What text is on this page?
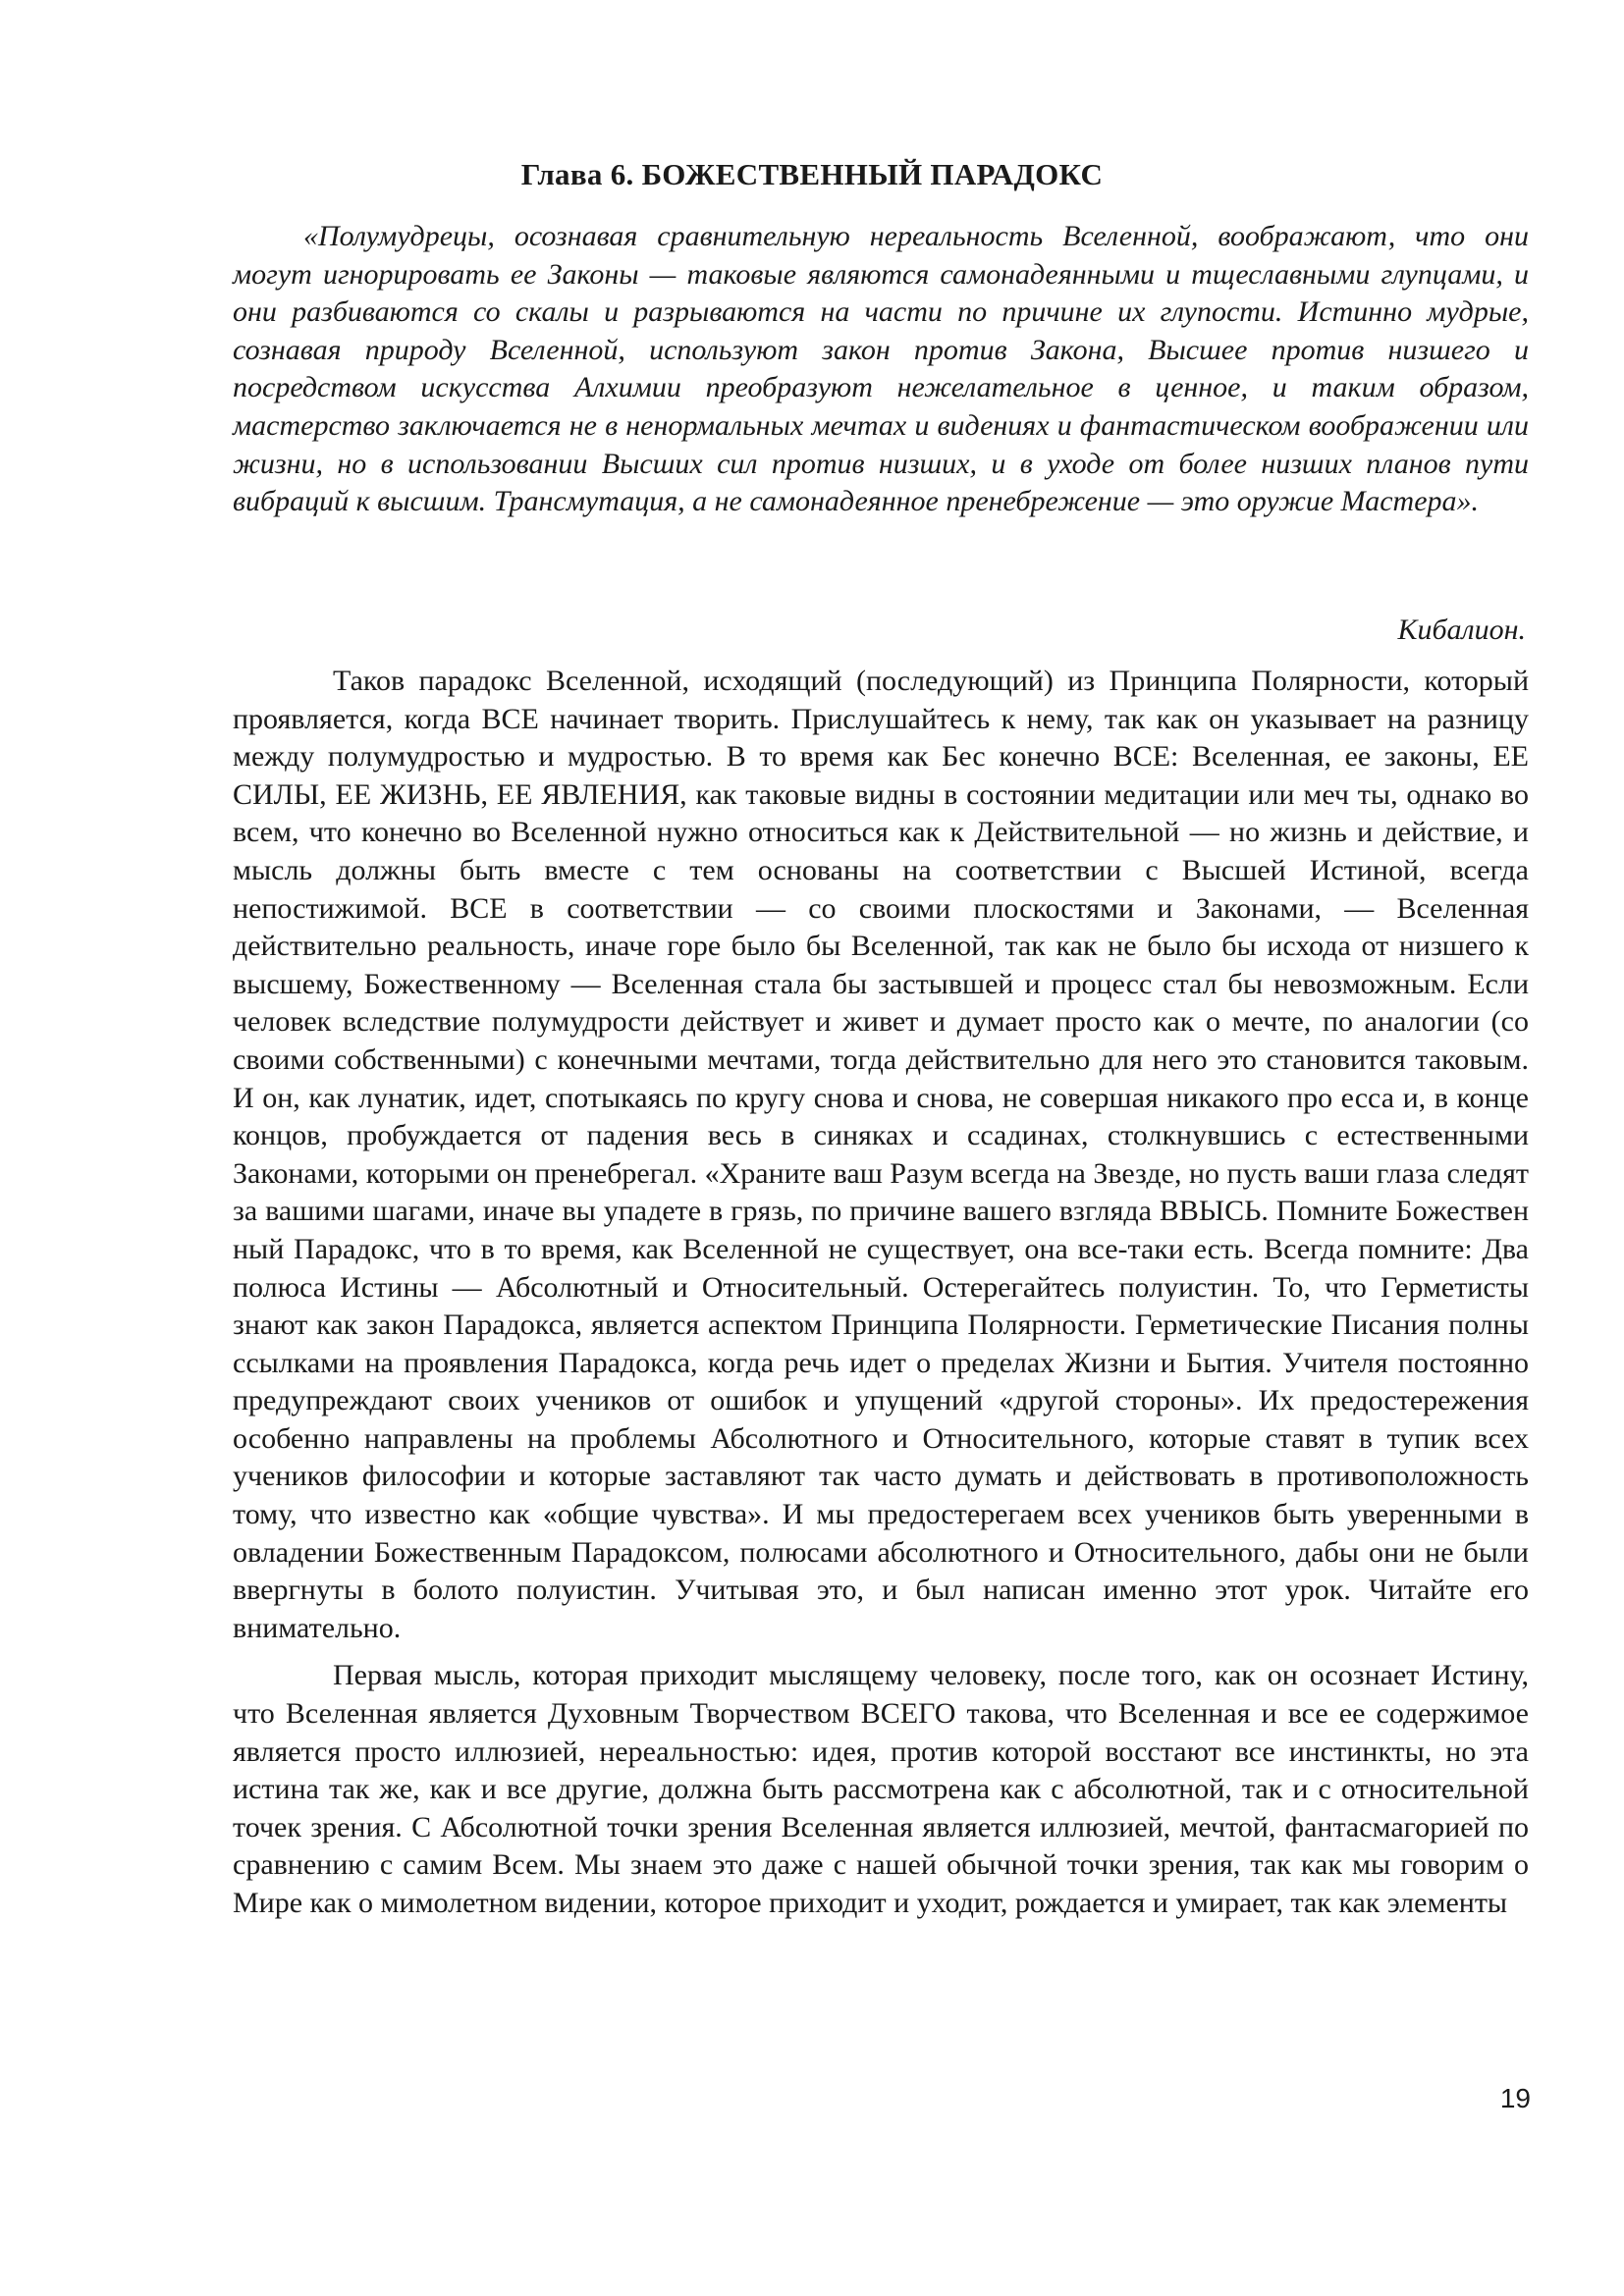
Глава 6. БОЖЕСТВЕННЫЙ ПАРАДОКС

«Полумудрецы, осознавая сравнительную нереальность Вселенной, воображают, что они могут игнорировать ее Законы — таковые являются самонадеянными и тщеславными глупцами, и они разбиваются со скалы и разрываются на части по причине их глупости. Истинно мудрые, сознавая природу Вселенной, используют закон против Закона, Высшее против низшего и посредством искусства Алхимии преобразуют нежелательное в ценное, и таким образом, мастерство заключается не в ненормальных мечтах и видениях и фантастическом воображении или жизни, но в использовании Высших сил против низших, и в уходе от более низших планов пути вибраций к высшим. Трансмутация, а не самонадеянное пренебрежение — это оружие Мастера».

Кибалион.

Таков парадокс Вселенной, исходящий (последующий) из Принципа Полярности, который проявляется, когда ВСЕ начинает творить. Прислушайтесь к нему, так как он указывает на разницу между полумудростью и мудростью. В то время как Бес конечно ВСЕ: Вселенная, ее законы, ЕЕ СИЛЫ, ЕЕ ЖИЗНЬ, ЕЕ ЯВЛЕНИЯ, как таковые видны в состоянии медитации или меч ты, однако во всем, что конечно во Вселенной нужно относиться как к Действительной — но жизнь и действие, и мысль должны быть вместе с тем основаны на соответствии с Высшей Истиной, всегда непостижимой. ВСЕ в соответствии — со своими плоскостями и Законами, — Вселенная действительно реальность, иначе горе было бы Вселенной, так как не было бы исхода от низшего к высшему, Божественному — Вселенная стала бы застывшей и процесс стал бы невозможным. Если человек вследствие полумудрости действует и живет и думает просто как о мечте, по аналогии (со своими собственными) с конечными мечтами, тогда действительно для него это становится таковым. И он, как лунатик, идет, спотыкаясь по кругу снова и снова, не совершая никакого про есса и, в конце концов, пробуждается от падения весь в синяках и ссадинах, столкнувшись с естественными Законами, которыми он пренебрегал. «Храните ваш Разум всегда на Звезде, но пусть ваши глаза следят за вашими шагами, иначе вы упадете в грязь, по причине вашего взгляда ВВЫСЬ. Помните Божествен ный Парадокс, что в то время, как Вселенной не существует, она все-таки есть. Всегда помните: Два полюса Истины — Абсолютный и Относительный. Остерегайтесь полуистин. То, что Герметисты знают как закон Парадокса, является аспектом Принципа Полярности. Герметические Писания полны ссылками на проявления Парадокса, когда речь идет о пределах Жизни и Бытия. Учителя постоянно предупреждают своих учеников от ошибок и упущений «другой стороны». Их предостережения особенно направлены на проблемы Абсолютного и Относительного, которые ставят в тупик всех учеников философии и которые заставляют так часто думать и действовать в противоположность тому, что известно как «общие чувства». И мы предостерегаем всех учеников быть уверенными в овладении Божественным Парадоксом, полюсами абсолютного и Относительного, дабы они не были ввергнуты в болото полуистин. Учитывая это, и был написан именно этот урок. Читайте его внимательно.

Первая мысль, которая приходит мыслящему человеку, после того, как он осознает Истину, что Вселенная является Духовным Творчеством ВСЕГО такова, что Вселенная и все ее содержимое является просто иллюзией, нереальностью: идея, против которой восстают все инстинкты, но эта истина так же, как и все другие, должна быть рассмотрена как с абсолютной, так и с относительной точек зрения. С Абсолютной точки зрения Вселенная является иллюзией, мечтой, фантасмагорией по сравнению с самим Всем. Мы знаем это даже с нашей обычной точки зрения, так как мы говорим о Мире как о мимолетном видении, которое приходит и уходит, рождается и умирает, так как элементы

19
